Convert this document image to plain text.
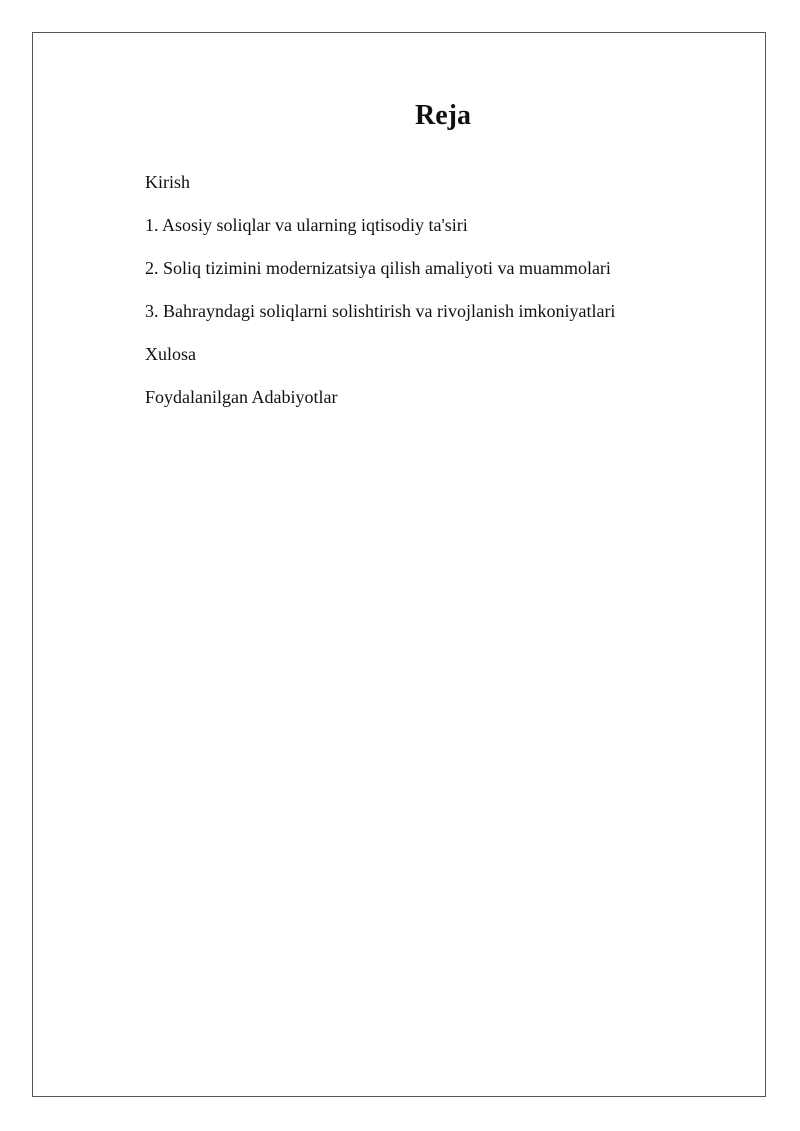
Reja
Kirish
1. Asosiy soliqlar va ularning iqtisodiy ta'siri
2. Soliq tizimini modernizatsiya qilish amaliyoti va muammolari
3. Bahrayndagi soliqlarni solishtirish va rivojlanish imkoniyatlari
Xulosa
Foydalanilgan Adabiyotlar
